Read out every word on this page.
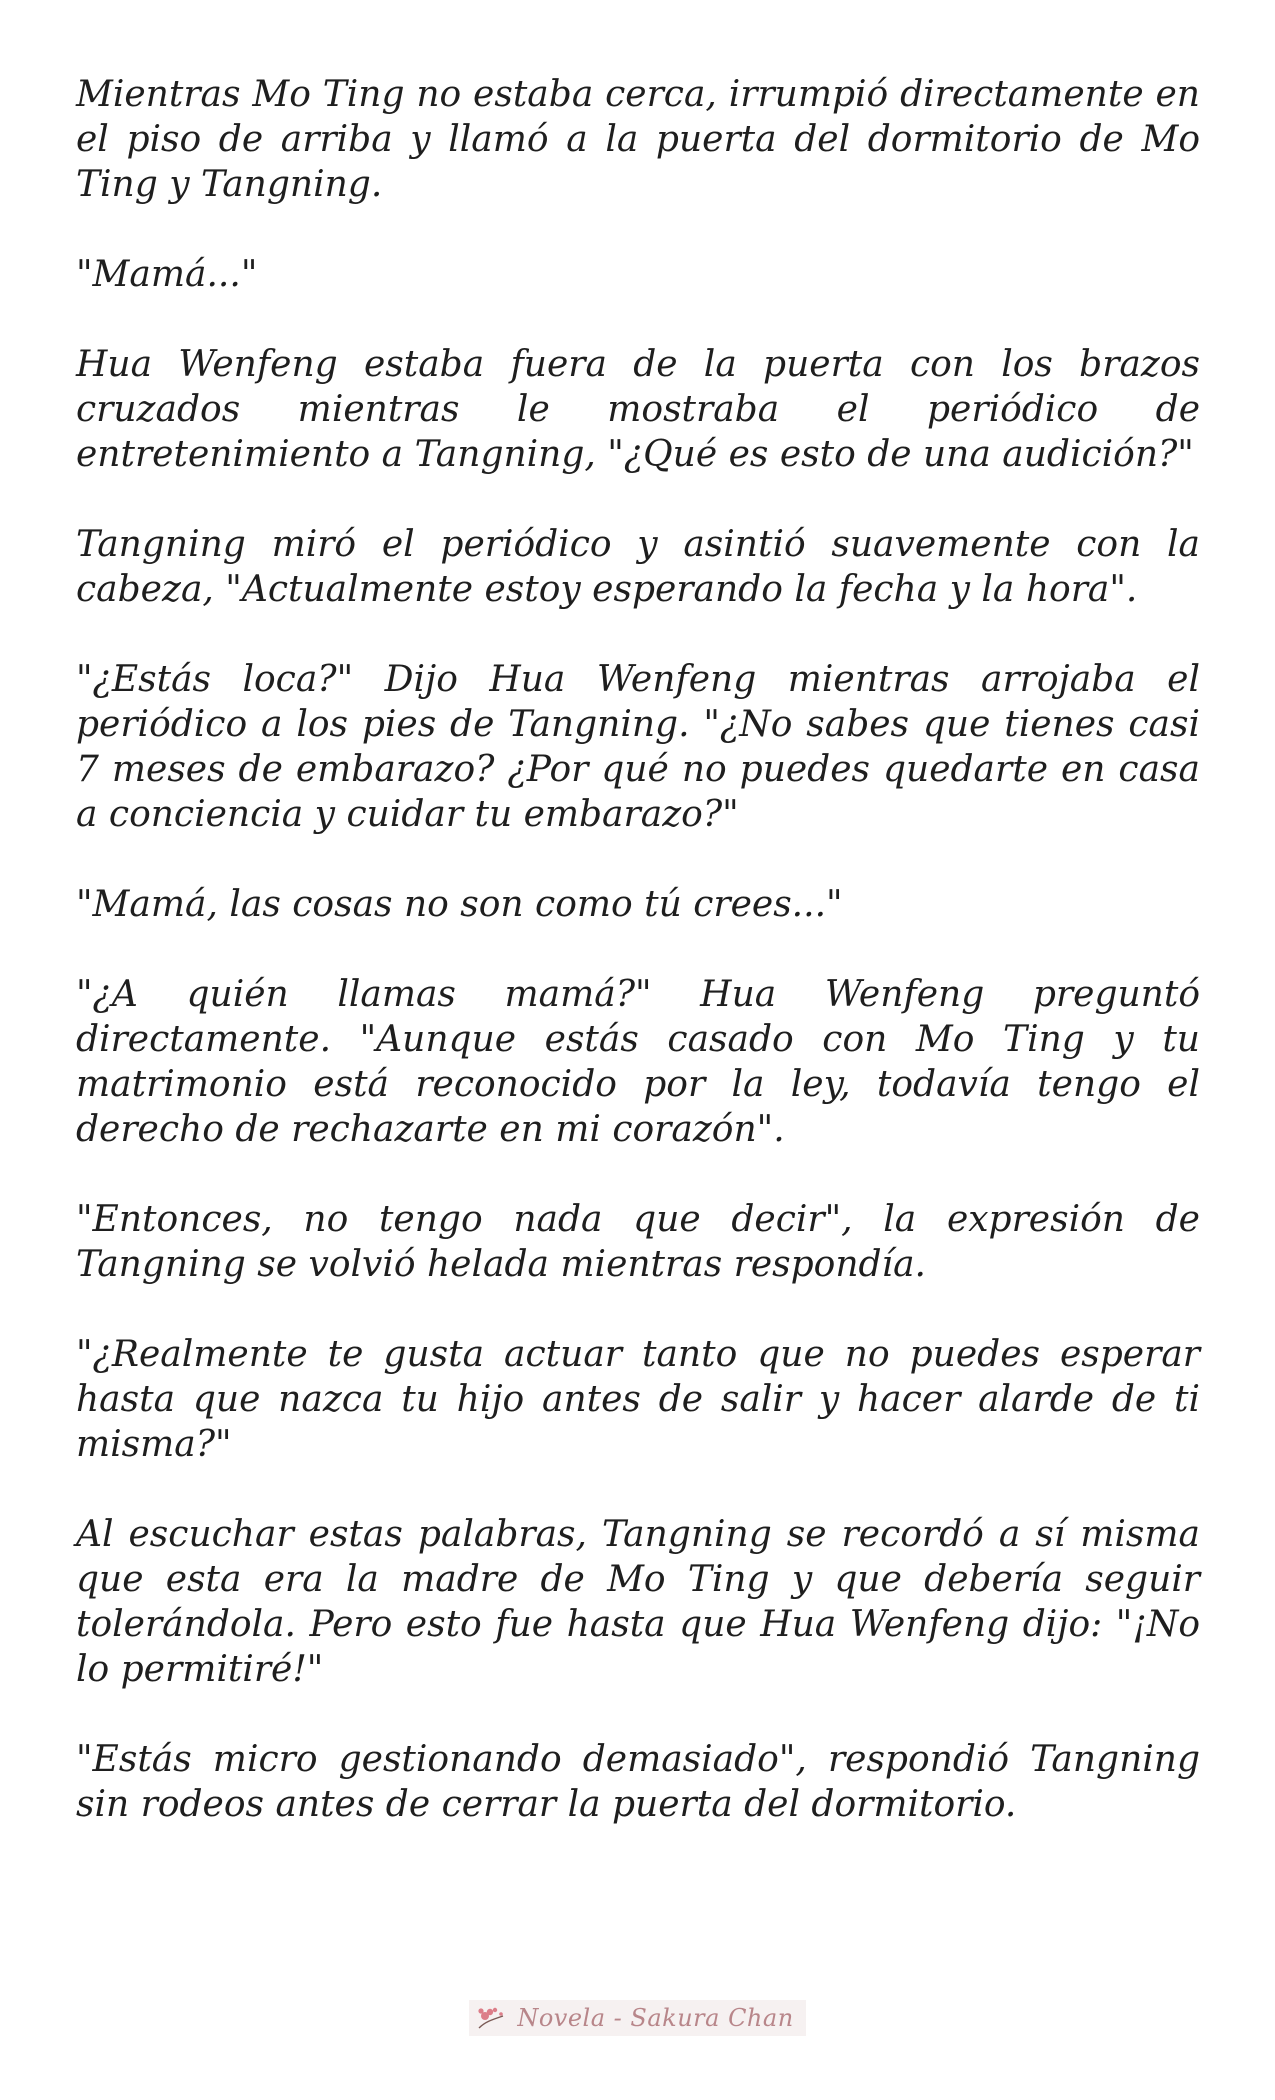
Mientras Mo Ting no estaba cerca, irrumpió directamente en el piso de arriba y llamó a la puerta del dormitorio de Mo Ting y Tangning.

"Mamá..."

Hua Wenfeng estaba fuera de la puerta con los brazos cruzados mientras le mostraba el periódico de entretenimiento a Tangning, "¿Qué es esto de una audición?"

Tangning miró el periódico y asintió suavemente con la cabeza, "Actualmente estoy esperando la fecha y la hora".

"¿Estás loca?" Dijo Hua Wenfeng mientras arrojaba el periódico a los pies de Tangning. "¿No sabes que tienes casi 7 meses de embarazo? ¿Por qué no puedes quedarte en casa a conciencia y cuidar tu embarazo?"

"Mamá, las cosas no son como tú crees..."

"¿A quién llamas mamá?" Hua Wenfeng preguntó directamente. "Aunque estás casado con Mo Ting y tu matrimonio está reconocido por la ley, todavía tengo el derecho de rechazarte en mi corazón".

"Entonces, no tengo nada que decir", la expresión de Tangning se volvió helada mientras respondía.

"¿Realmente te gusta actuar tanto que no puedes esperar hasta que nazca tu hijo antes de salir y hacer alarde de ti misma?"

Al escuchar estas palabras, Tangning se recordó a sí misma que esta era la madre de Mo Ting y que debería seguir tolerándola. Pero esto fue hasta que Hua Wenfeng dijo: "¡No lo permitiré!"

"Estás micro gestionando demasiado", respondió Tangning sin rodeos antes de cerrar la puerta del dormitorio.

Novela - Sakura Chan
